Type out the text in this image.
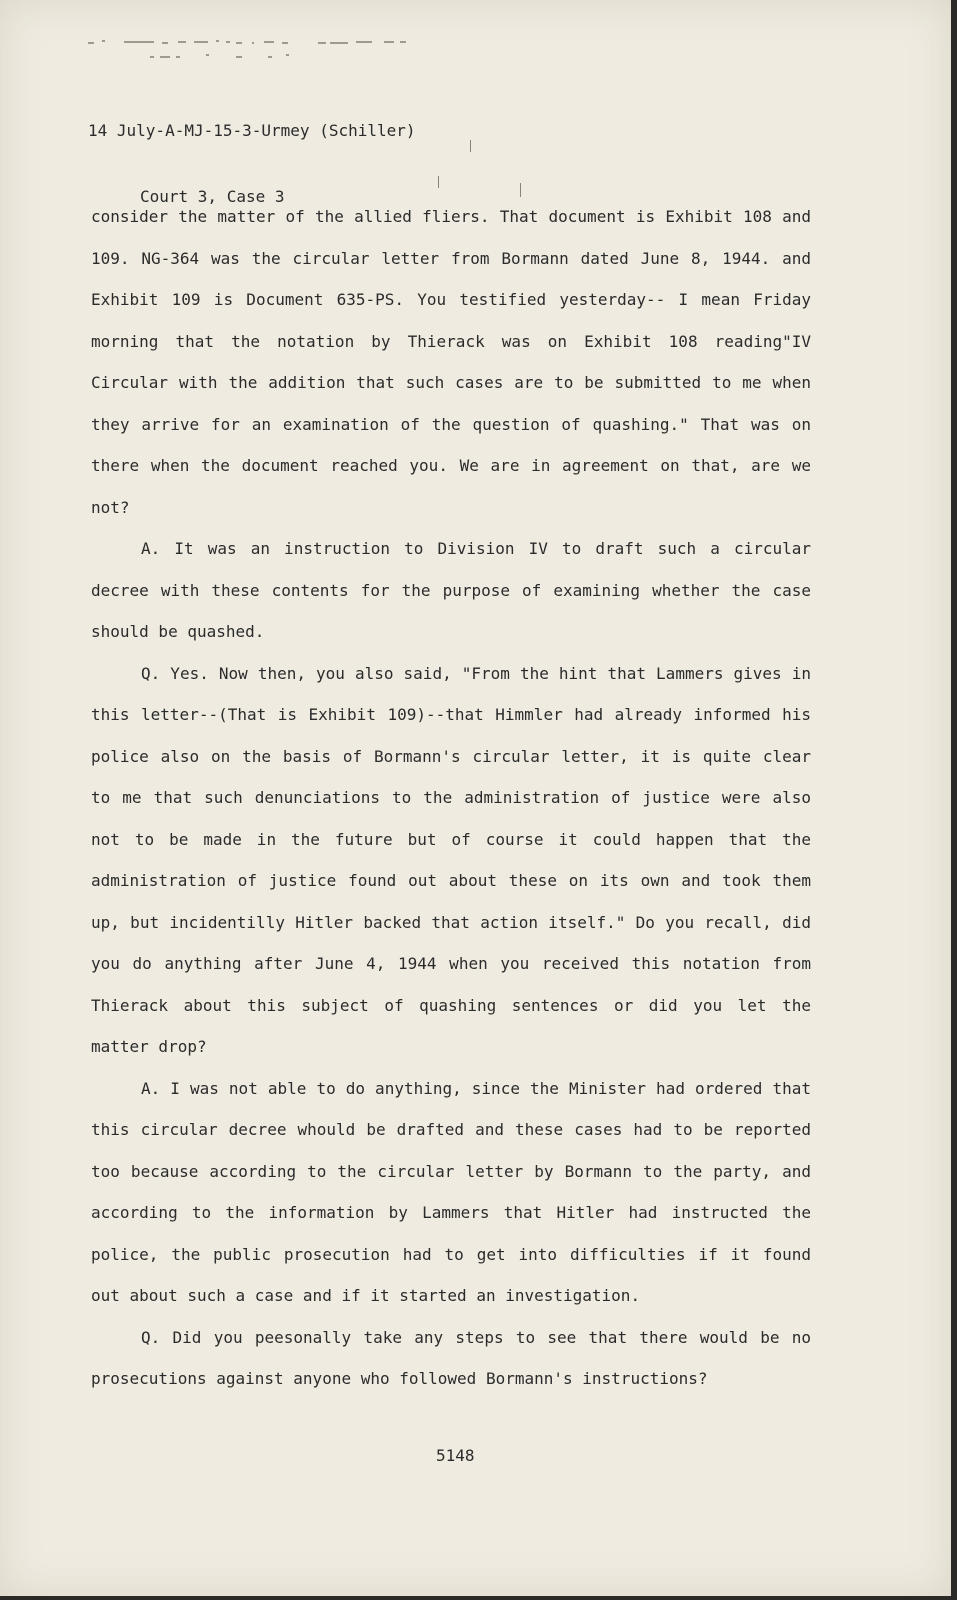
14 July-A-MJ-15-3-Urmey (Schiller)

Court 3, Case 3

consider the matter of the allied fliers. That document is Exhibit 108 and 109. NG-364 was the circular letter from Bormann dated June 8, 1944. and Exhibit 109 is Document 635-PS. You testified yesterday-- I mean Friday morning that the notation by Thierack was on Exhibit 108 reading"IV Circular with the addition that such cases are to be submitted to me when they arrive for an examination of the question of quashing." That was on there when the document reached you. We are in agreement on that, are we not?

A. It was an instruction to Division IV to draft such a circular decree with these contents for the purpose of examining whether the case should be quashed.

Q. Yes. Now then, you also said, "From the hint that Lammers gives in this letter--(That is Exhibit 109)--that Himmler had already informed his police also on the basis of Bormann's circular letter, it is quite clear to me that such denunciations to the administration of justice were also not to be made in the future but of course it could happen that the administration of justice found out about these on its own and took them up, but incidentilly Hitler backed that action itself." Do you recall, did you do anything after June 4, 1944 when you received this notation from Thierack about this subject of quashing sentences or did you let the matter drop?

A. I was not able to do anything, since the Minister had ordered that this circular decree whould be drafted and these cases had to be reported too because according to the circular letter by Bormann to the party, and according to the information by Lammers that Hitler had instructed the police, the public prosecution had to get into difficulties if it found out about such a case and if it started an investigation.

Q. Did you peesonally take any steps to see that there would be no prosecutions against anyone who followed Bormann's instructions?

5148
